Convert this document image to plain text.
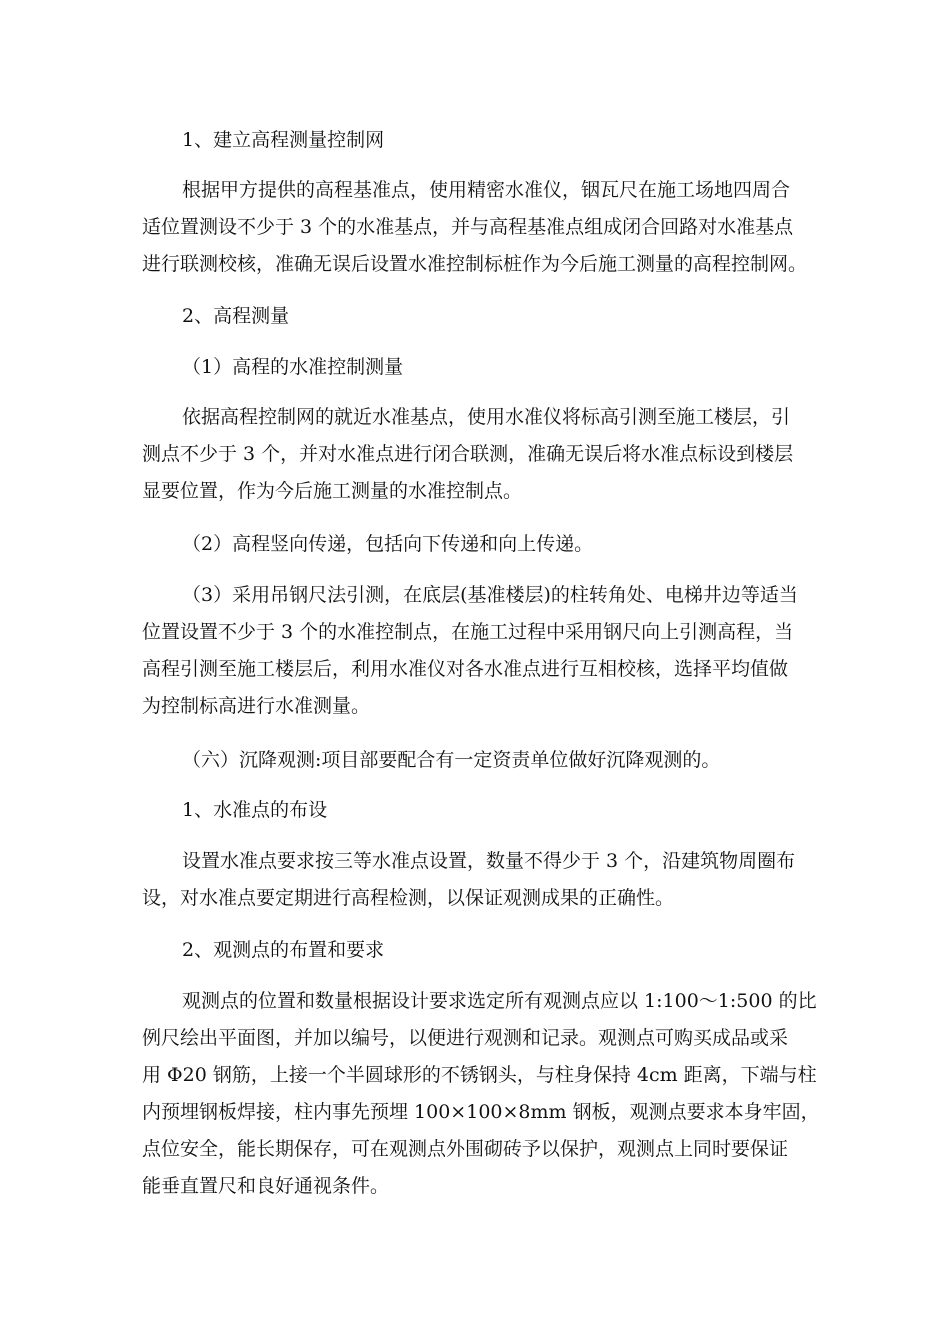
1、建立高程测量控制网

根据甲方提供的高程基准点，使用精密水准仪，铟瓦尺在施工场地四周合
适位置测设不少于 3 个的水准基点，并与高程基准点组成闭合回路对水准基点
进行联测校核，准确无误后设置水准控制标桩作为今后施工测量的高程控制网。

2、高程测量

（1）高程的水准控制测量

依据高程控制网的就近水准基点，使用水准仪将标高引测至施工楼层，引
测点不少于 3 个，并对水准点进行闭合联测，准确无误后将水准点标设到楼层
显要位置，作为今后施工测量的水准控制点。

（2）高程竖向传递，包括向下传递和向上传递。

（3）采用吊钢尺法引测，在底层(基准楼层)的柱转角处、电梯井边等适当
位置设置不少于 3 个的水准控制点，在施工过程中采用钢尺向上引测高程，当
高程引测至施工楼层后，利用水准仪对各水准点进行互相校核，选择平均值做
为控制标高进行水准测量。

（六）沉降观测:项目部要配合有一定资责单位做好沉降观测的。

1、水准点的布设

设置水准点要求按三等水准点设置，数量不得少于 3 个，沿建筑物周圈布
设，对水准点要定期进行高程检测，以保证观测成果的正确性。

2、观测点的布置和要求

观测点的位置和数量根据设计要求选定所有观测点应以 1:100～1:500 的比
例尺绘出平面图，并加以编号，以便进行观测和记录。观测点可购买成品或采
用 Φ20 钢筋，上接一个半圆球形的不锈钢头，与柱身保持 4cm 距离，下端与柱
内预埋钢板焊接，柱内事先预埋 100×100×8mm 钢板，观测点要求本身牢固，
点位安全，能长期保存，可在观测点外围砌砖予以保护，观测点上同时要保证
能垂直置尺和良好通视条件。
